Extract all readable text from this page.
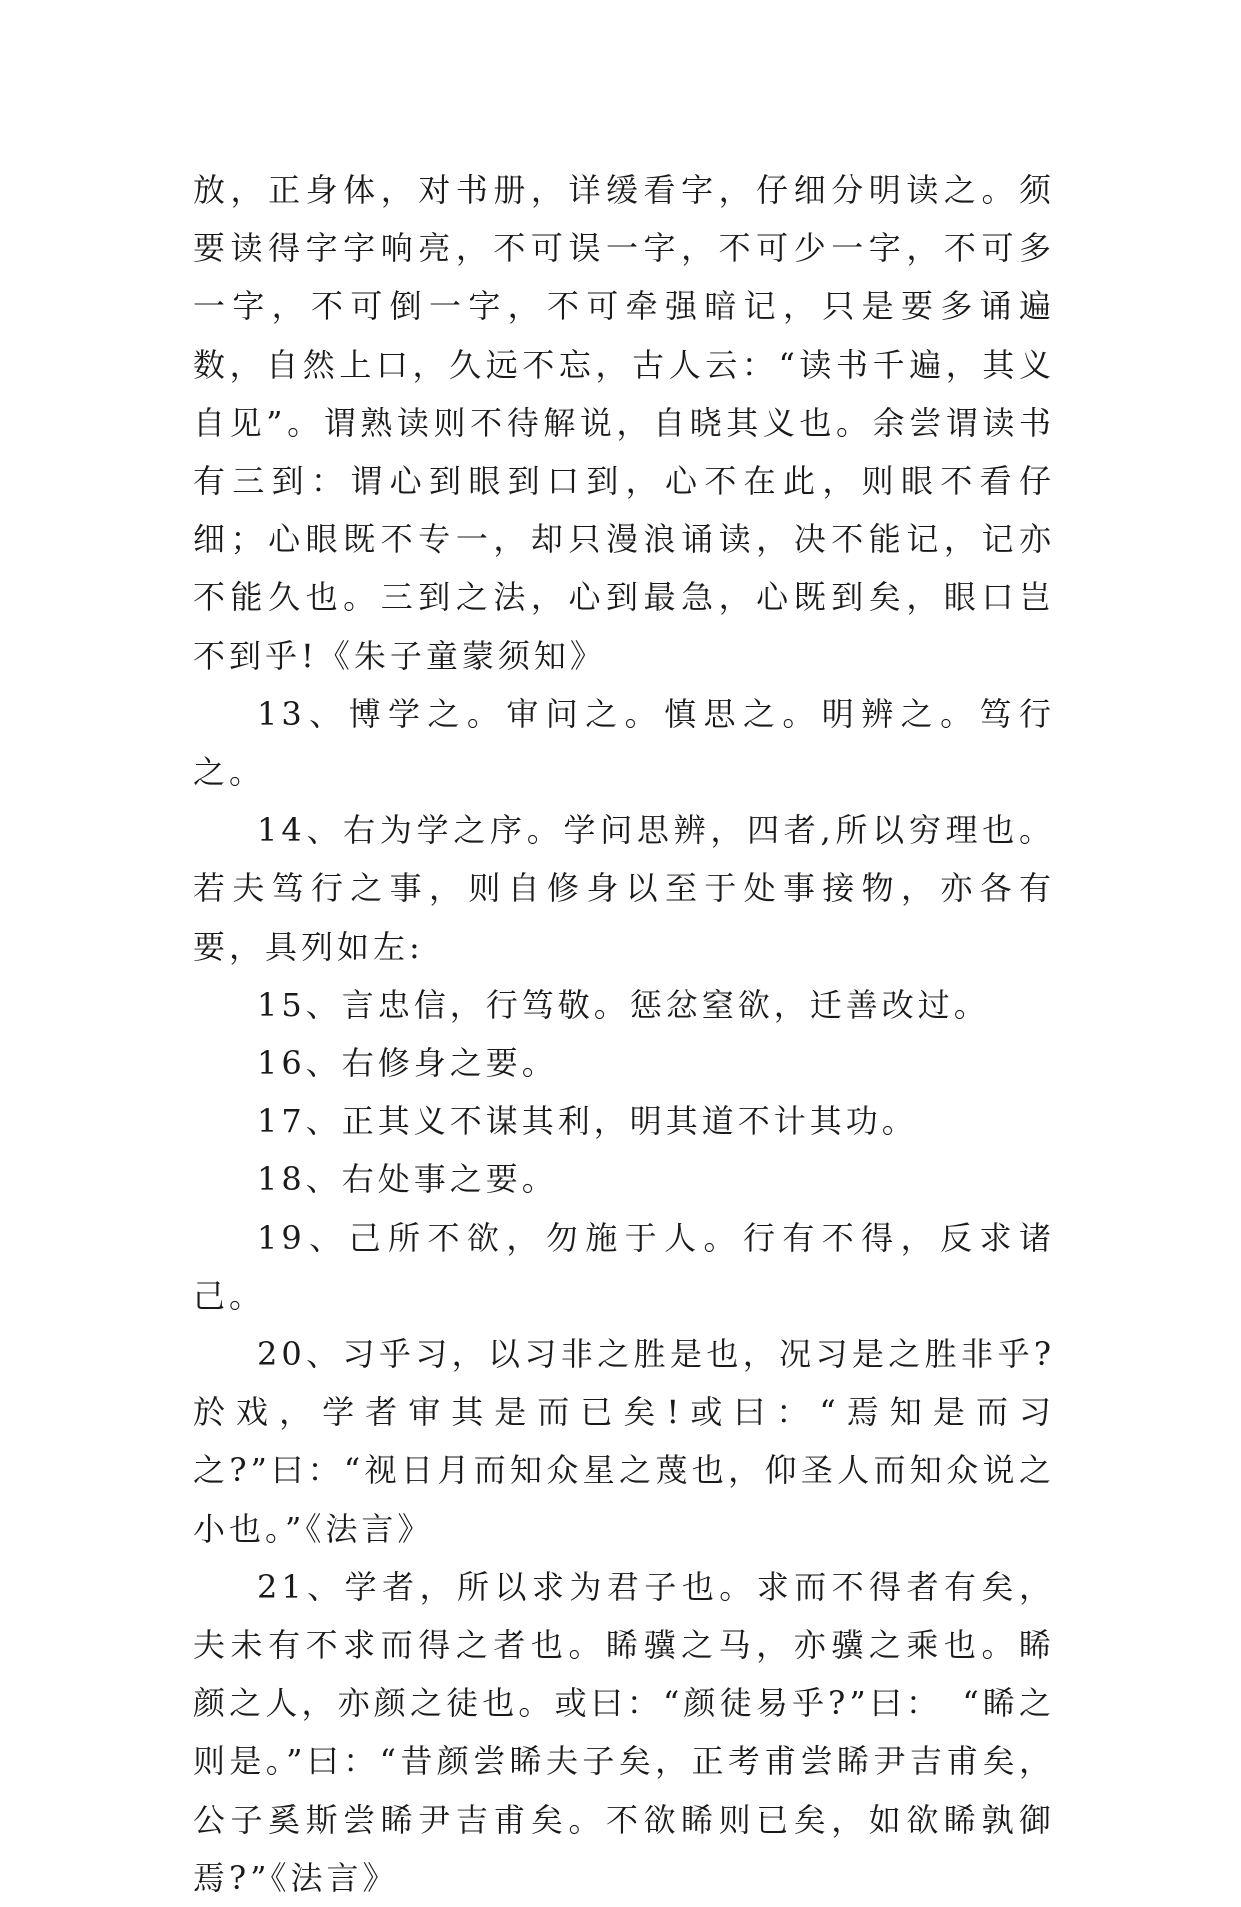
放，正身体，对书册，详缓看字，仔细分明读之。须要读得字字响亮，不可误一字，不可少一字，不可多一字，不可倒一字，不可牵强暗记，只是要多诵遍数，自然上口，久远不忘，古人云：“读书千遍，其义自见”。谓熟读则不待解说，自晓其义也。余尝谓读书有三到：谓心到眼到口到，心不在此，则眼不看仔细；心眼既不专一，却只漫浪诵读，决不能记，记亦不能久也。三到之法，心到最急，心既到矣，眼口岂不到乎!《朱子童蒙须知》

13、博学之。审问之。慎思之。明辨之。笃行之。

14、右为学之序。学问思辨，四者,所以穷理也。若夫笃行之事，则自修身以至于处事接物，亦各有要，具列如左:

15、言忠信，行笃敬。惩忿窒欲，迁善改过。

16、右修身之要。

17、正其义不谋其利，明其道不计其功。

18、右处事之要。

19、己所不欲，勿施于人。行有不得，反求诸己。

20、习乎习，以习非之胜是也，况习是之胜非乎?於戏，学者审其是而已矣!或曰：“焉知是而习之?”曰：“视日月而知众星之蔑也，仰圣人而知众说之小也。”《法言》

21、学者，所以求为君子也。求而不得者有矣，夫未有不求而得之者也。睎骥之马，亦骥之乘也。睎颜之人，亦颜之徒也。或曰：“颜徒易乎?”曰：　“睎之则是。”曰：“昔颜尝睎夫子矣，正考甫尝睎尹吉甫矣，公子奚斯尝睎尹吉甫矣。不欲睎则已矣，如欲睎孰御焉?”《法言》
